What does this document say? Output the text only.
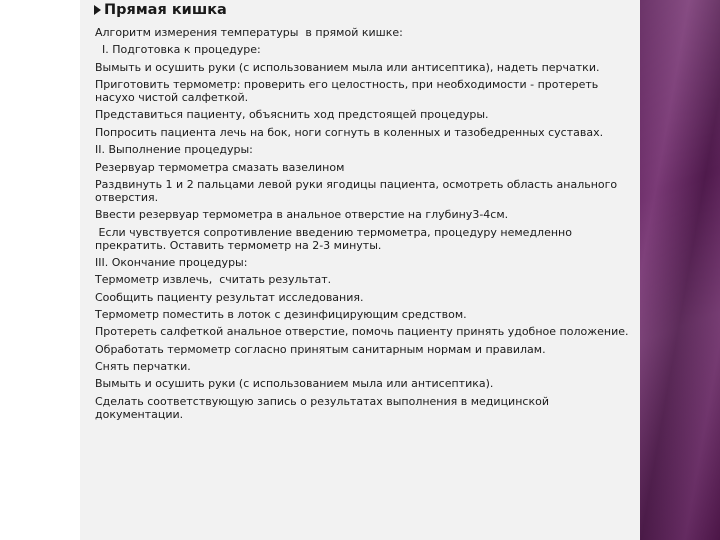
Прямая кишка
Алгоритм измерения температуры  в прямой кишке:
I. Подготовка к процедуре:
Вымыть и осушить руки (с использованием мыла или антисептика), надеть перчатки.
Приготовить термометр: проверить его целостность, при необходимости - протереть насухо чистой салфеткой.
Представиться пациенту, объяснить ход предстоящей процедуры.
Попросить пациента лечь на бок, ноги согнуть в коленных и тазобедренных суставах.
II. Выполнение процедуры:
Резервуар термометра смазать вазелином
Раздвинуть 1 и 2 пальцами левой руки ягодицы пациента, осмотреть область анального отверстия.
Ввести резервуар термометра в анальное отверстие на глубину3-4см.
Если чувствуется сопротивление введению термометра, процедуру немедленно прекратить. Оставить термометр на 2-3 минуты.
III. Окончание процедуры:
Термометр извлечь,  считать результат.
Сообщить пациенту результат исследования.
Термометр поместить в лоток с дезинфицирующим средством.
Протереть салфеткой анальное отверстие, помочь пациенту принять удобное положение.
Обработать термометр согласно принятым санитарным нормам и правилам.
Снять перчатки.
Вымыть и осушить руки (с использованием мыла или антисептика).
Сделать соответствующую запись о результатах выполнения в медицинской документации.
